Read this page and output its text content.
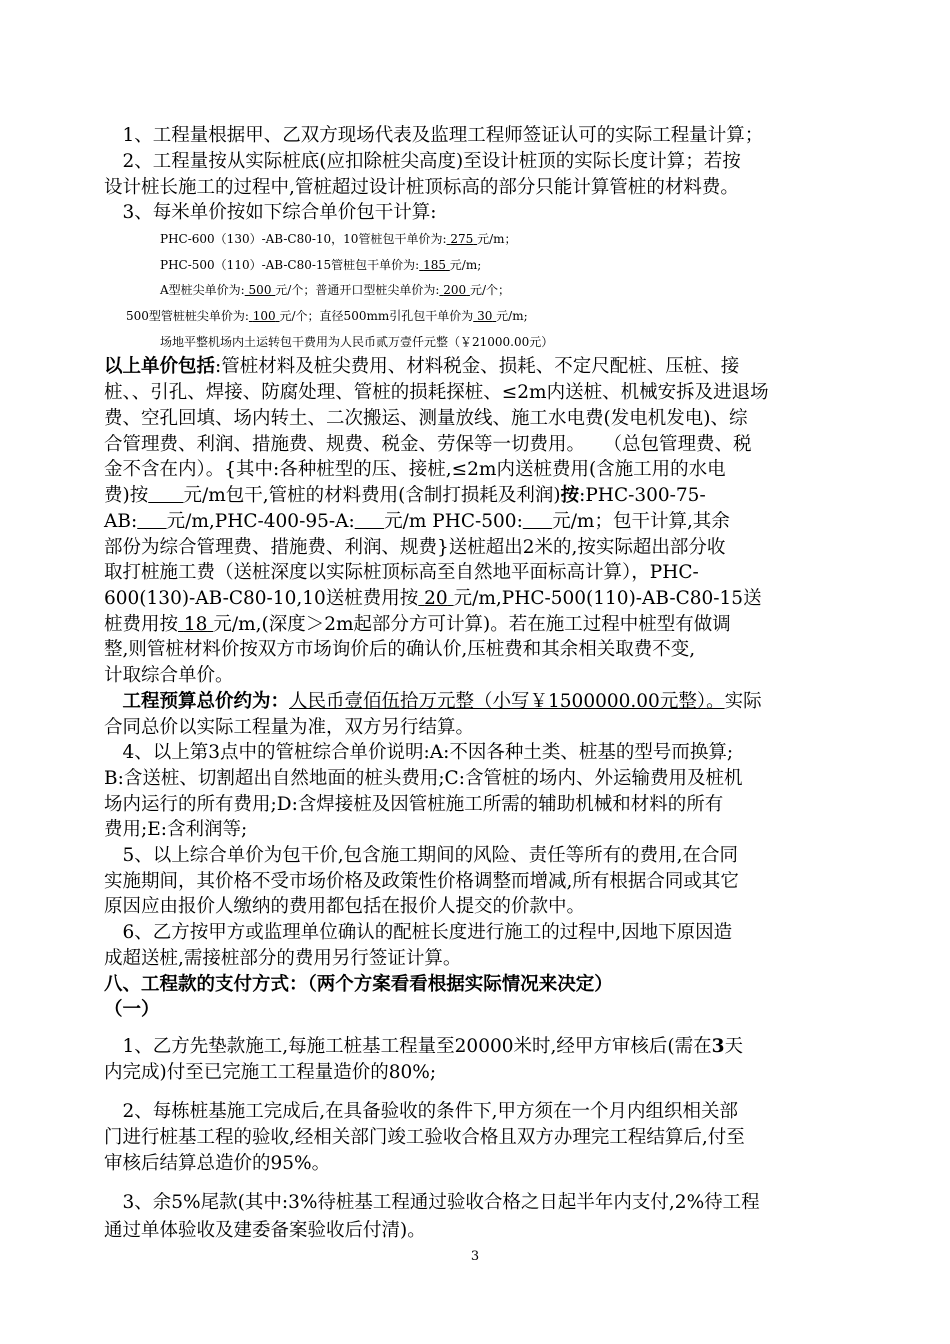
　1、工程量根据甲、乙双方现场代表及监理工程师签证认可的实际工程量计算；
　2、工程量按从实际桩底(应扣除桩尖高度)至设计桩顶的实际长度计算；若按
设计桩长施工的过程中,管桩超过设计桩顶标高的部分只能计算管桩的材料费。
　3、每米单价按如下综合单价包干计算:
PHC-600（130）-AB-C80-10，10管桩包干单价为: 275 元/m；
PHC-500（110）-AB-C80-15管桩包干单价为: 185 元/m;
A型桩尖单价为: 500 元/个；普通开口型桩尖单价为: 200 元/个；
500型管桩桩尖单价为: 100 元/个；直径500mm引孔包干单价为 30 元/m;
场地平整机场内土运转包干费用为人民币贰万壹仟元整（￥21000.00元）
以上单价包括:管桩材料及桩尖费用、材料税金、损耗、不定尺配桩、压桩、接
桩、、引孔、焊接、防腐处理、管桩的损耗探桩、≤2m内送桩、机械安拆及进退场
费、空孔回填、场内转土、二次搬运、测量放线、施工水电费(发电机发电)、综
合管理费、利润、措施费、规费、税金、劳保等一切费用。　　（总包管理费、税
金不含在内）。{其中:各种桩型的压、接桩,≤2m内送桩费用(含施工用的水电
费)按 元/m包干,管桩的材料费用(含制打损耗及利润)按:PHC-300-75-
AB: 元/m,PHC-400-95-A: 元/m PHC-500: 元/m；包干计算,其余
部份为综合管理费、措施费、利润、规费}送桩超出2米的,按实际超出部分收
取打桩施工费（送桩深度以实际桩顶标高至自然地平面标高计算），PHC-
600(130)-AB-C80-10,10送桩费用按 20 元/m,PHC-500(110)-AB-C80-15送
桩费用按 18 元/m,(深度＞2m起部分方可计算)。若在施工过程中桩型有做调
整,则管桩材料价按双方市场询价后的确认价,压桩费和其余相关取费不变,
计取综合单价。
　工程预算总价约为：人民币壹佰伍拾万元整（小写￥1500000.00元整）。实际
合同总价以实际工程量为准，双方另行结算。
　4、以上第3点中的管桩综合单价说明:A:不因各种土类、桩基的型号而换算;
B:含送桩、切割超出自然地面的桩头费用;C:含管桩的场内、外运输费用及桩机
场内运行的所有费用;D:含焊接桩及因管桩施工所需的辅助机械和材料的所有
费用;E:含利润等;
　5、以上综合单价为包干价,包含施工期间的风险、责任等所有的费用,在合同
实施期间，其价格不受市场价格及政策性价格调整而增减,所有根据合同或其它
原因应由报价人缴纳的费用都包括在报价人提交的价款中。
　6、乙方按甲方或监理单位确认的配桩长度进行施工的过程中,因地下原因造
成超送桩,需接桩部分的费用另行签证计算。
八、工程款的支付方式：（两个方案看看根据实际情况来决定）
（一）
　1、乙方先垫款施工,每施工桩基工程量至20000米时,经甲方审核后(需在3天
内完成)付至已完施工工程量造价的80%;
　2、每栋桩基施工完成后,在具备验收的条件下,甲方须在一个月内组织相关部
门进行桩基工程的验收,经相关部门竣工验收合格且双方办理完工程结算后,付至
审核后结算总造价的95%。
　3、余5%尾款(其中:3%待桩基工程通过验收合格之日起半年内支付,2%待工程
通过单体验收及建委备案验收后付清)。
3
